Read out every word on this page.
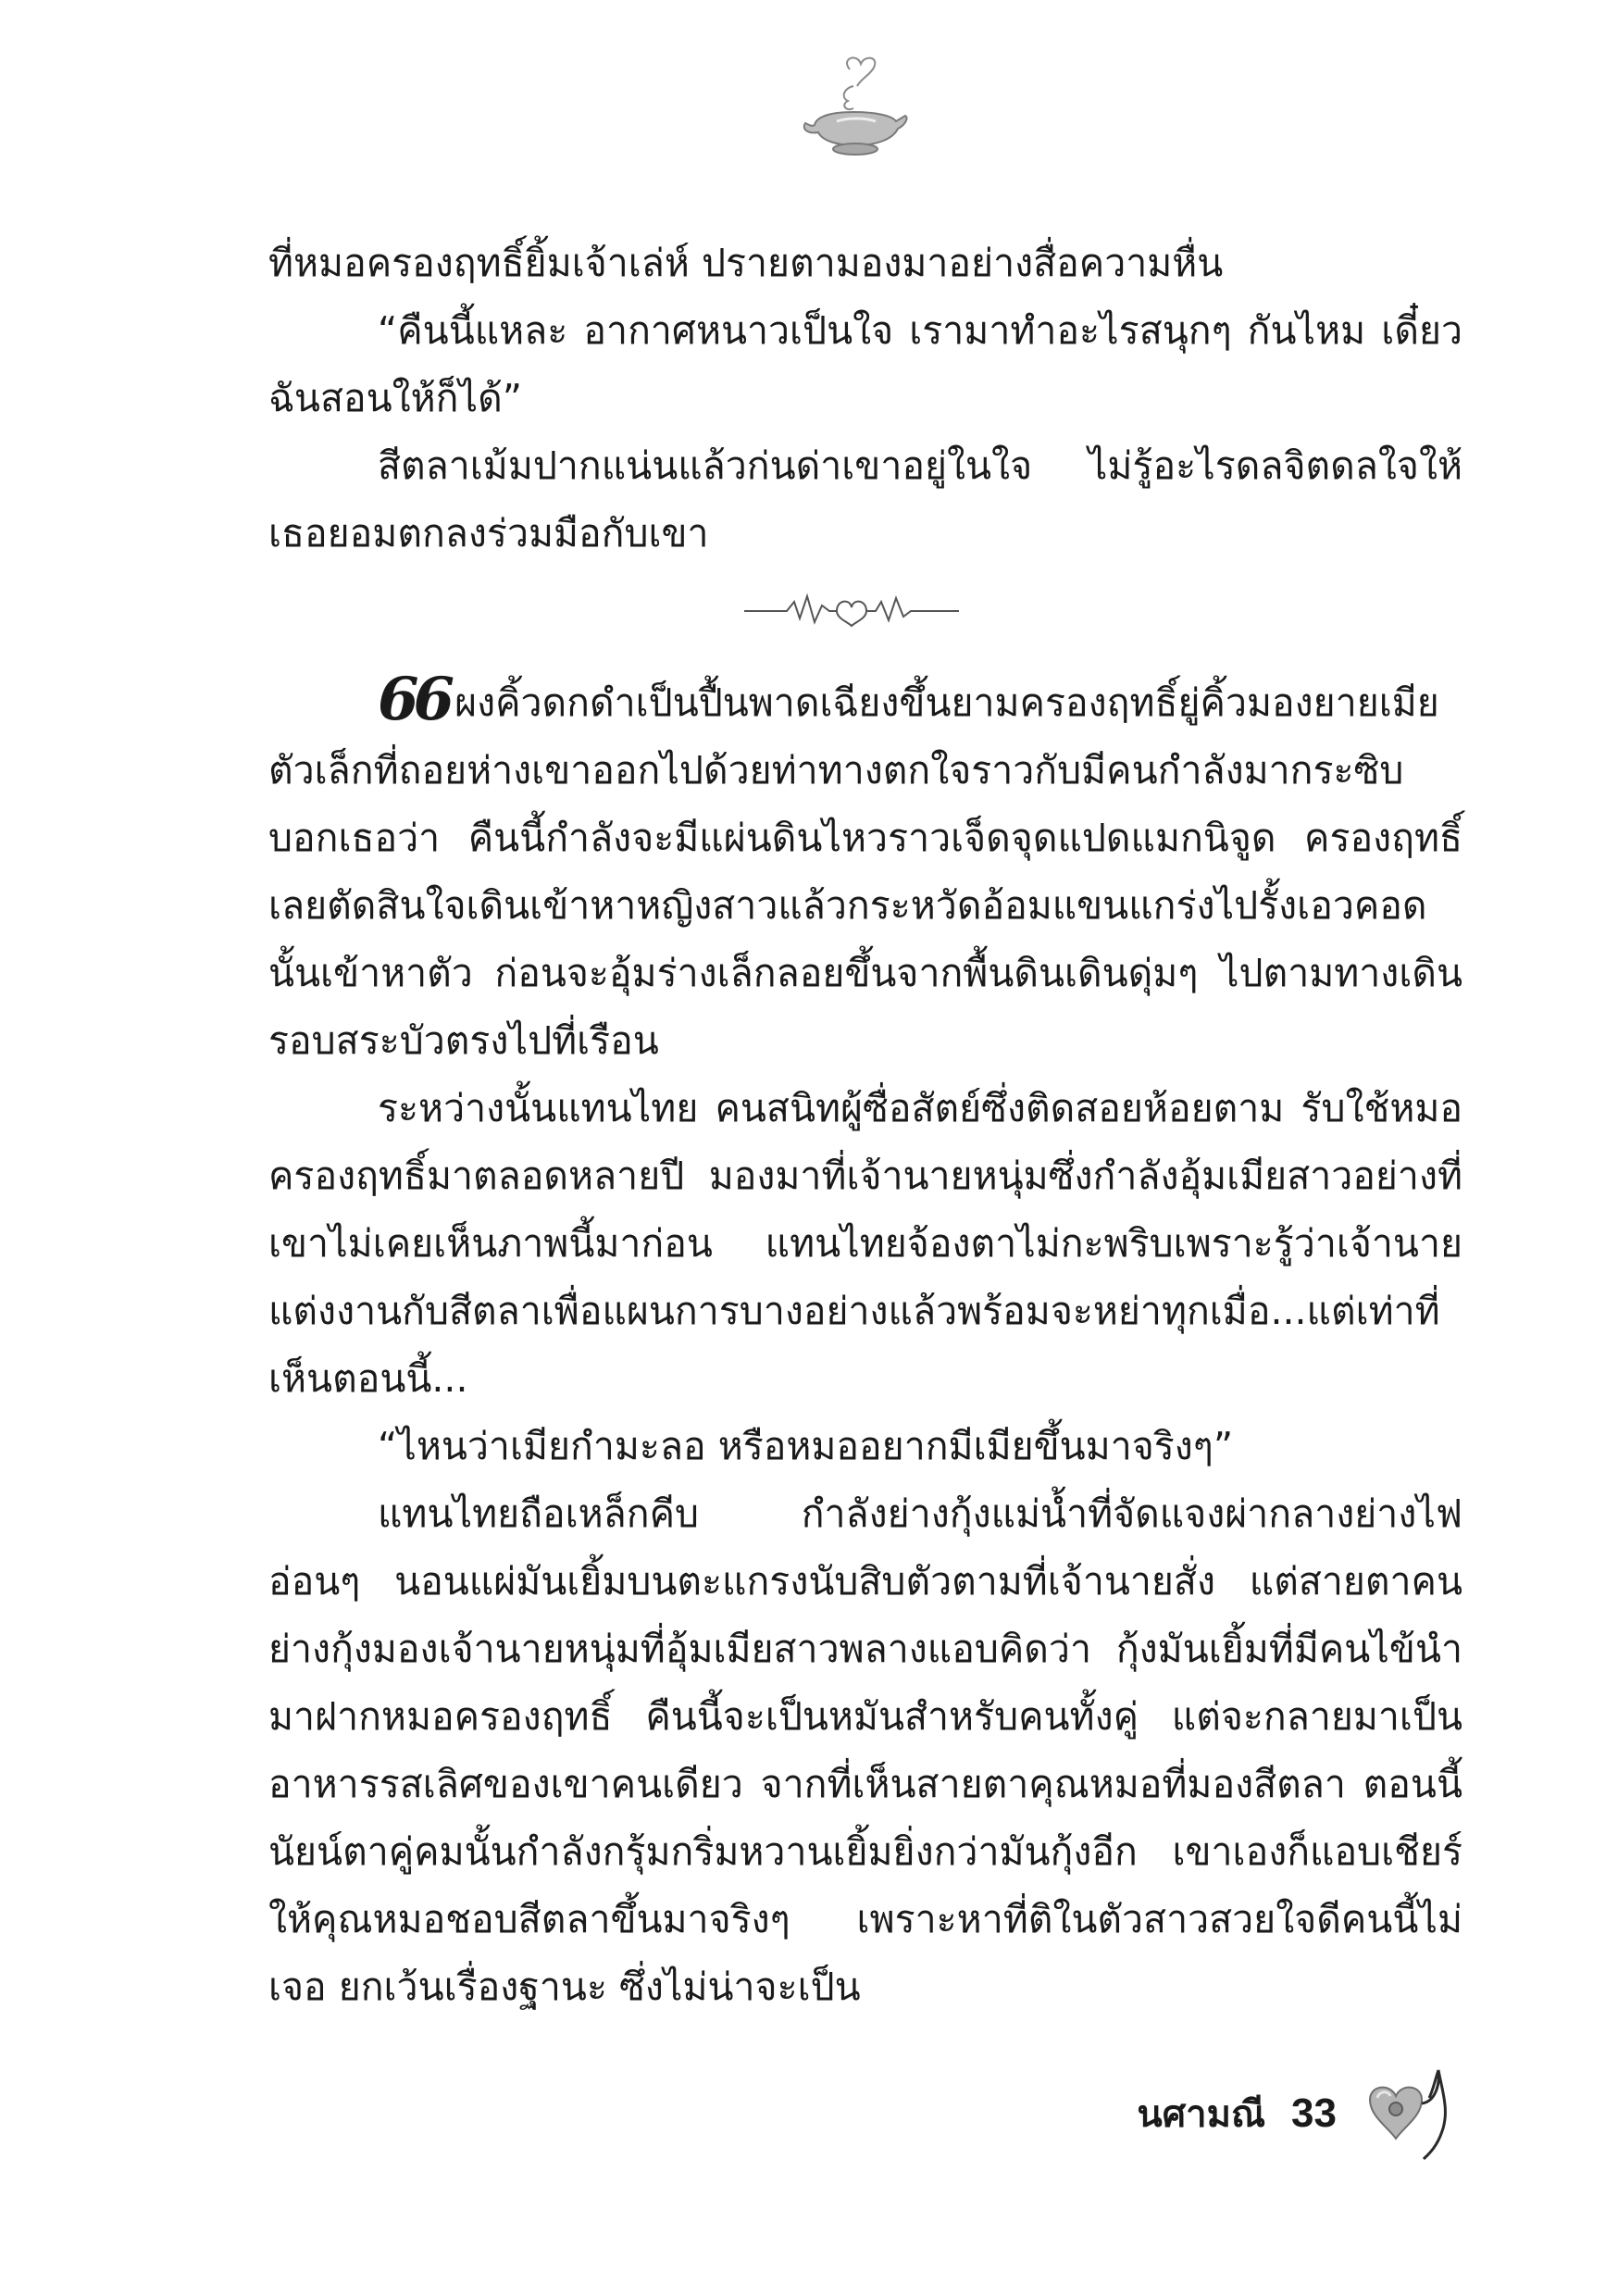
ที่หมอครองฤทธิ์ยิ้มเจ้าเล่ห์ ปรายตามองมาอย่างสื่อความหื่น

“คืนนี้แหละ อากาศหนาวเป็นใจ เรามาทำอะไรสนุกๆ กันไหม เดี๋ยวฉันสอนให้ก็ได้”

สีตลาเม้มปากแน่นแล้วก่นด่าเขาอยู่ในใจ ไม่รู้อะไรดลจิตดลใจให้เธอยอมตกลงร่วมมือกับเขา

66 ผงคิ้วดกดำเป็นปื้นพาดเฉียงขึ้นยามครองฤทธิ์ยู่คิ้วมองยายเมียตัวเล็กที่ถอยห่างเขาออกไปด้วยท่าทางตกใจราวกับมีคนกำลังมากระซิบบอกเธอว่า คืนนี้กำลังจะมีแผ่นดินไหวราวเจ็ดจุดแปดแมกนิจูด ครองฤทธิ์เลยตัดสินใจเดินเข้าหาหญิงสาวแล้วกระหวัดอ้อมแขนแกร่งไปรั้งเอวคอดนั้นเข้าหาตัว ก่อนจะอุ้มร่างเล็กลอยขึ้นจากพื้นดินเดินดุ่มๆ ไปตามทางเดินรอบสระบัวตรงไปที่เรือน

ระหว่างนั้นแทนไทย คนสนิทผู้ซื่อสัตย์ซึ่งติดสอยห้อยตาม รับใช้หมอครองฤทธิ์มาตลอดหลายปี มองมาที่เจ้านายหนุ่มซึ่งกำลังอุ้มเมียสาวอย่างที่เขาไม่เคยเห็นภาพนี้มาก่อน แทนไทยจ้องตาไม่กะพริบเพราะรู้ว่าเจ้านายแต่งงานกับสีตลาเพื่อแผนการบางอย่างแล้วพร้อมจะหย่าทุกเมื่อ...แต่เท่าที่เห็นตอนนี้...

“ไหนว่าเมียกำมะลอ หรือหมออยากมีเมียขึ้นมาจริงๆ”

แทนไทยถือเหล็กคีบ กำลังย่างกุ้งแม่น้ำที่จัดแจงผ่ากลางย่างไฟอ่อนๆ นอนแผ่มันเยิ้มบนตะแกรงนับสิบตัวตามที่เจ้านายสั่ง แต่สายตาคนย่างกุ้งมองเจ้านายหนุ่มที่อุ้มเมียสาวพลางแอบคิดว่า กุ้งมันเยิ้มที่มีคนไข้นำมาฝากหมอครองฤทธิ์ คืนนี้จะเป็นหมันสำหรับคนทั้งคู่ แต่จะกลายมาเป็นอาหารรสเลิศของเขาคนเดียว จากที่เห็นสายตาคุณหมอที่มองสีตลา ตอนนี้ นัยน์ตาคู่คมนั้นกำลังกรุ้มกริ่มหวานเยิ้มยิ่งกว่ามันกุ้งอีก เขาเองก็แอบเชียร์ให้คุณหมอชอบสีตลาขึ้นมาจริงๆ เพราะหาที่ติในตัวสาวสวยใจดีคนนี้ไม่เจอ ยกเว้นเรื่องฐานะ ซึ่งไม่น่าจะเป็น

นศามณี 33
